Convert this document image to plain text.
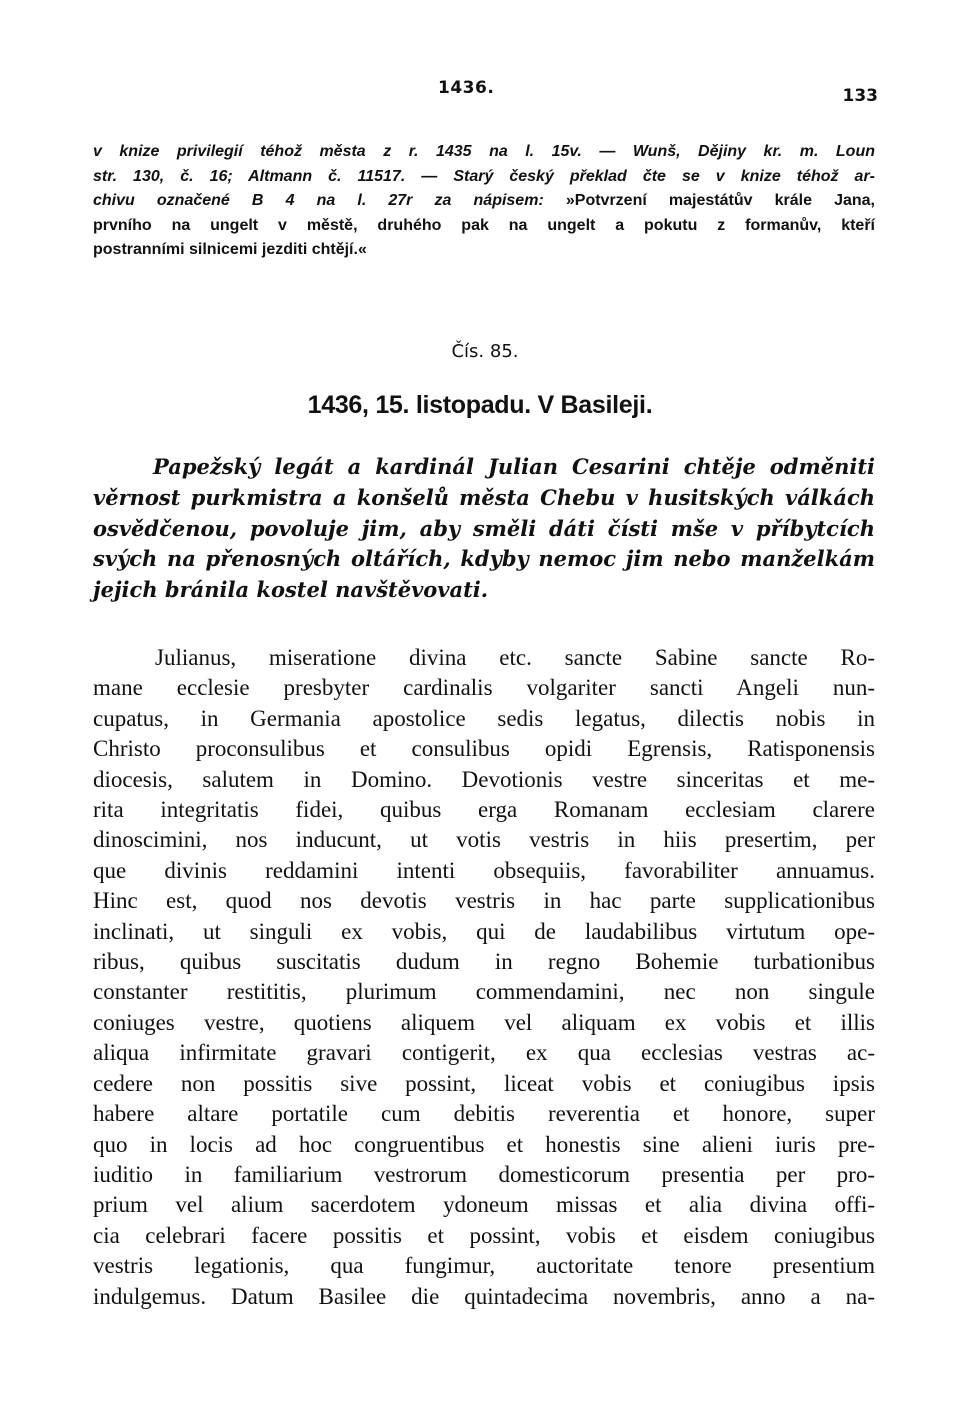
1436.	133
v knize privilegií téhož města z r. 1435 na l. 15v. — Wunš, Dějiny kr. m. Loun
str. 130, č. 16; Altmann č. 11517. — Starý český překlad čte se v knize téhož ar-
chivu označené B 4 na l. 27r za nápisem: »Potvrzení majestátův krále Jana,
prvního na ungelt v městě, druhého pak na ungelt a pokutu z formanův, kteří
postranními silnicemi jezditi chtějí.«
Čís. 85.
1436, 15. listopadu. V Basileji.
Papežský legát a kardinál Julian Cesarini chtěje odměniti
věrnost purkmistra a konšelů města Chebu v husitských válkách
osvědčenou, povoluje jim, aby směli dáti čísti mše v příbytcích
svých na přenosných oltářích, kdyby nemoc jim nebo manželkám
jejich bránila kostel navštěvovati.
Julianus, miseratione divina etc. sancte Sabine sancte Ro-
mane ecclesie presbyter cardinalis volgariter sancti Angeli nun-
cupatus, in Germania apostolice sedis legatus, dilectis nobis in
Christo proconsulibus et consulibus opidi Egrensis, Ratisponensis
diocesis, salutem in Domino. Devotionis vestre sinceritas et me-
rita integritatis fidei, quibus erga Romanam ecclesiam clarere
dinoscimini, nos inducunt, ut votis vestris in hiis presertim, per
que divinis reddamini intenti obsequiis, favorabiliter annuamus.
Hinc est, quod nos devotis vestris in hac parte supplicationibus
inclinati, ut singuli ex vobis, qui de laudabilibus virtutum ope-
ribus, quibus suscitatis dudum in regno Bohemie turbationibus
constanter restititis, plurimum commendamini, nec non singule
coniuges vestre, quotiens aliquem vel aliquam ex vobis et illis
aliqua infirmitate gravari contigerit, ex qua ecclesias vestras ac-
cedere non possitis sive possint, liceat vobis et coniugibus ipsis
habere altare portatile cum debitis reverentia et honore, super
quo in locis ad hoc congruentibus et honestis sine alieni iuris pre-
iuditio in familiarium vestrorum domesticorum presentia per pro-
prium vel alium sacerdotem ydoneum missas et alia divina offi-
cia celebrari facere possitis et possint, vobis et eisdem coniugibus
vestris legationis, qua fungimur, auctoritate tenore presentium
indulgemus. Datum Basilee die quintadecima novembris, anno a na-
